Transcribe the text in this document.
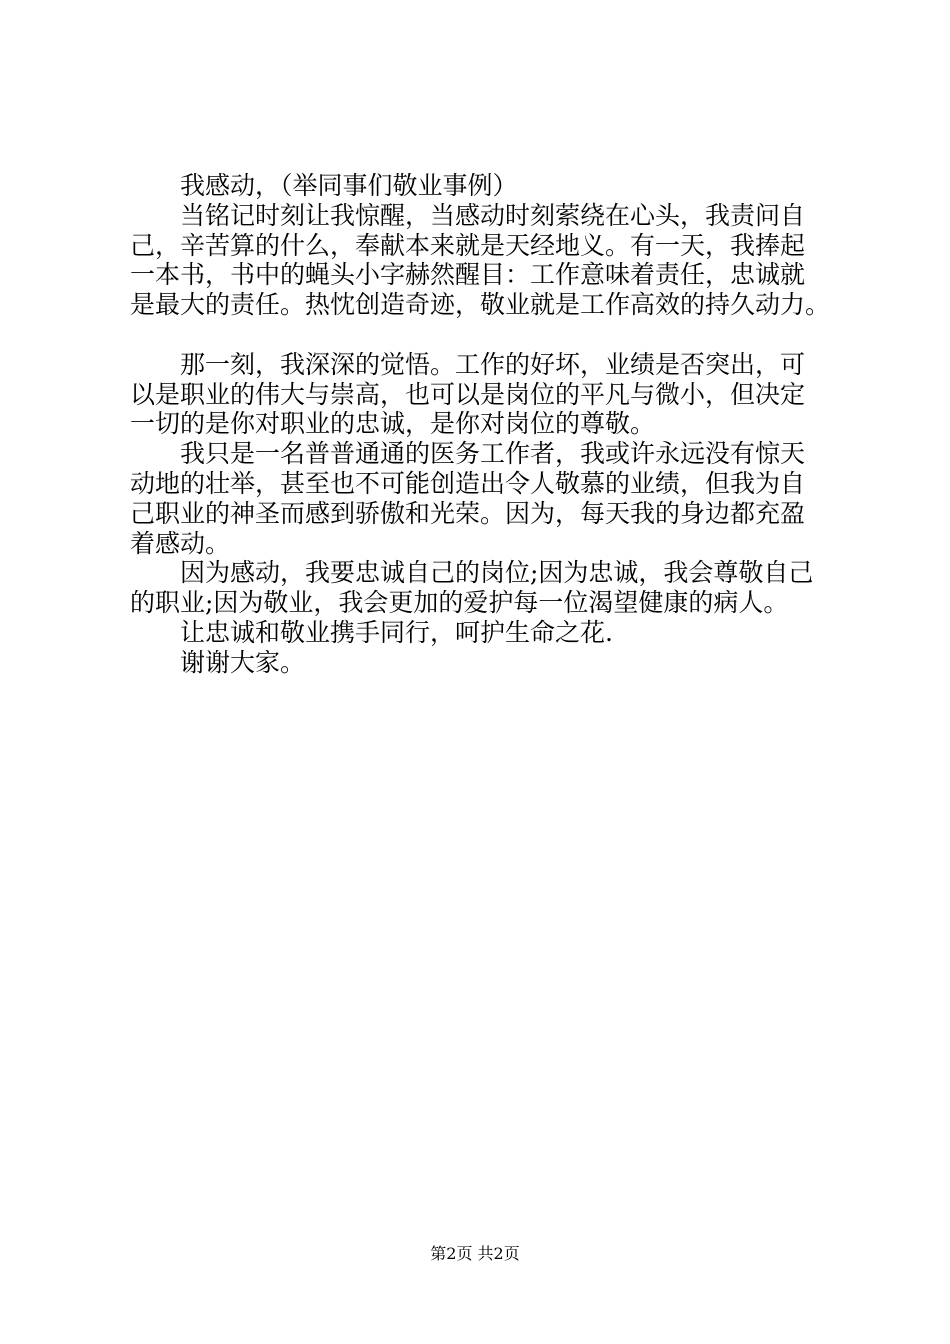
　　我感动，（举同事们敬业事例）
　　当铭记时刻让我惊醒，当感动时刻萦绕在心头，我责问自
己，辛苦算的什么，奉献本来就是天经地义。有一天，我捧起
一本书，书中的蝇头小字赫然醒目：工作意味着责任，忠诚就
是最大的责任。热忱创造奇迹，敬业就是工作高效的持久动力。
　　那一刻，我深深的觉悟。工作的好坏，业绩是否突出，可
以是职业的伟大与崇高，也可以是岗位的平凡与微小，但决定
一切的是你对职业的忠诚，是你对岗位的尊敬。
　　我只是一名普普通通的医务工作者，我或许永远没有惊天
动地的壮举，甚至也不可能创造出令人敬慕的业绩，但我为自
己职业的神圣而感到骄傲和光荣。因为，每天我的身边都充盈
着感动。
　　因为感动，我要忠诚自己的岗位;因为忠诚，我会尊敬自己
的职业;因为敬业，我会更加的爱护每一位渴望健康的病人。
　　让忠诚和敬业携手同行，呵护生命之花.
　　谢谢大家。
第2页 共2页
